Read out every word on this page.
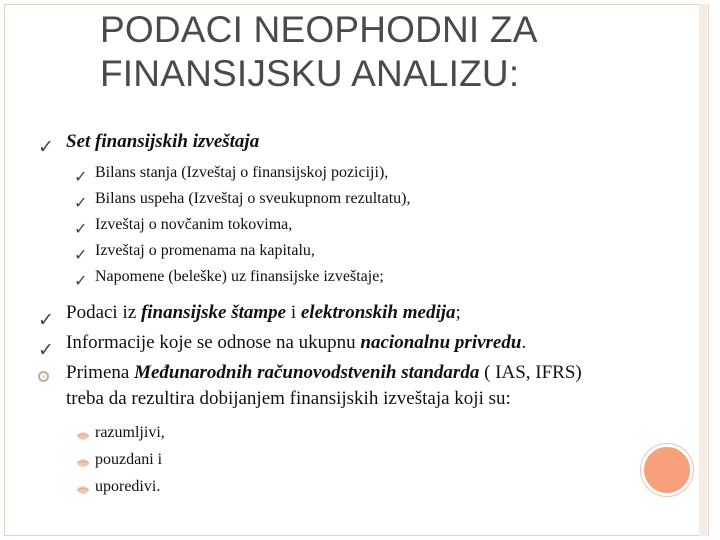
PODACI NEOPHODNI ZA
FINANSIJSKU ANALIZU:
✓ Set finansijskih izveštaja
✓ Bilans stanja (Izveštaj o finansijskoj poziciji),
✓ Bilans uspeha (Izveštaj o sveukupnom rezultatu),
✓ Izveštaj o novčanim tokovima,
✓ Izveštaj o promenama na kapitalu,
✓ Napomene (beleške) uz finansijske izveštaje;
✓ Podaci iz finansijske štampe i elektronskih medija;
✓ Informacije koje se odnose na ukupnu nacionalnu privredu.
Primena Međunarodnih računovodstvenih standarda ( IAS, IFRS)
treba da rezultira dobijanjem finansijskih izveštaja koji su:
razumljivi,
pouzdani i
uporedivi.
